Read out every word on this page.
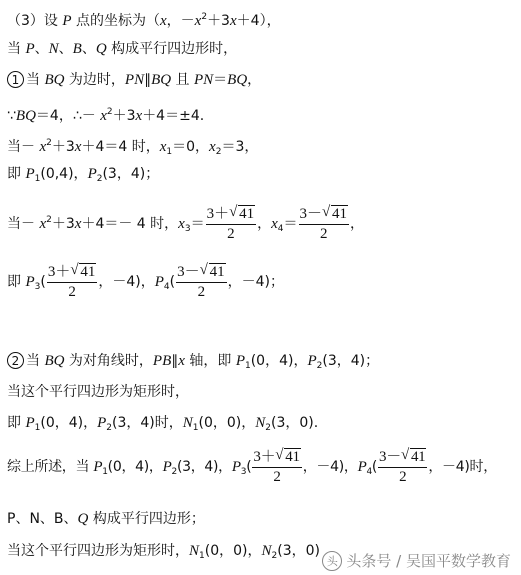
（3）设 P 点的坐标为（x，$-x^2+3x+4$），
当 P、N、B、Q 构成平行四边形时，
1 当 BQ 为边时，PN∥BQ 且 PN＝BQ，
∵BQ＝4，∴－ $x^2+3x+4=\pm 4$.
当－ $x^2+3x+4=4$ 时，$x_1=0$，$x_2=3$，
即 $P_1(0,4)$，$P_2(3$，4)；
当－ $x^2+3x+4=- 4$ 时，$x_3= \frac{3+ √ 41}{2}$ ，$x_4= \frac{3- √ 41}{2}$ ，
即 $P_3( \frac{3+ √ 41}{2}$ ，－4)，$P_4( \frac{3- √ 41}{2}$ ，－4)；
2 当 BQ 为对角线时，PB∥x 轴，即 $P_1(0$，4)，$P_2(3$，4)；
当这个平行四边形为矩形时，
即 $P_1(0$，4)，$P_2(3$，4)时，$N_1(0$，0)，$N_2(3$，0).
综上所述，当 $P_1(0$，4)，$P_2(3$，4)，$P_3( \frac{3+ √ 41}{2}$ ，－4)，$P_4( \frac{3- √ 41}{2}$ ，－4)时，
P、N、B、Q 构成平行四边形；
当这个平行四边形为矩形时，$N_1(0$，0)，$N_2(3$，0)
头 头条号 / 吴国平数学教育
